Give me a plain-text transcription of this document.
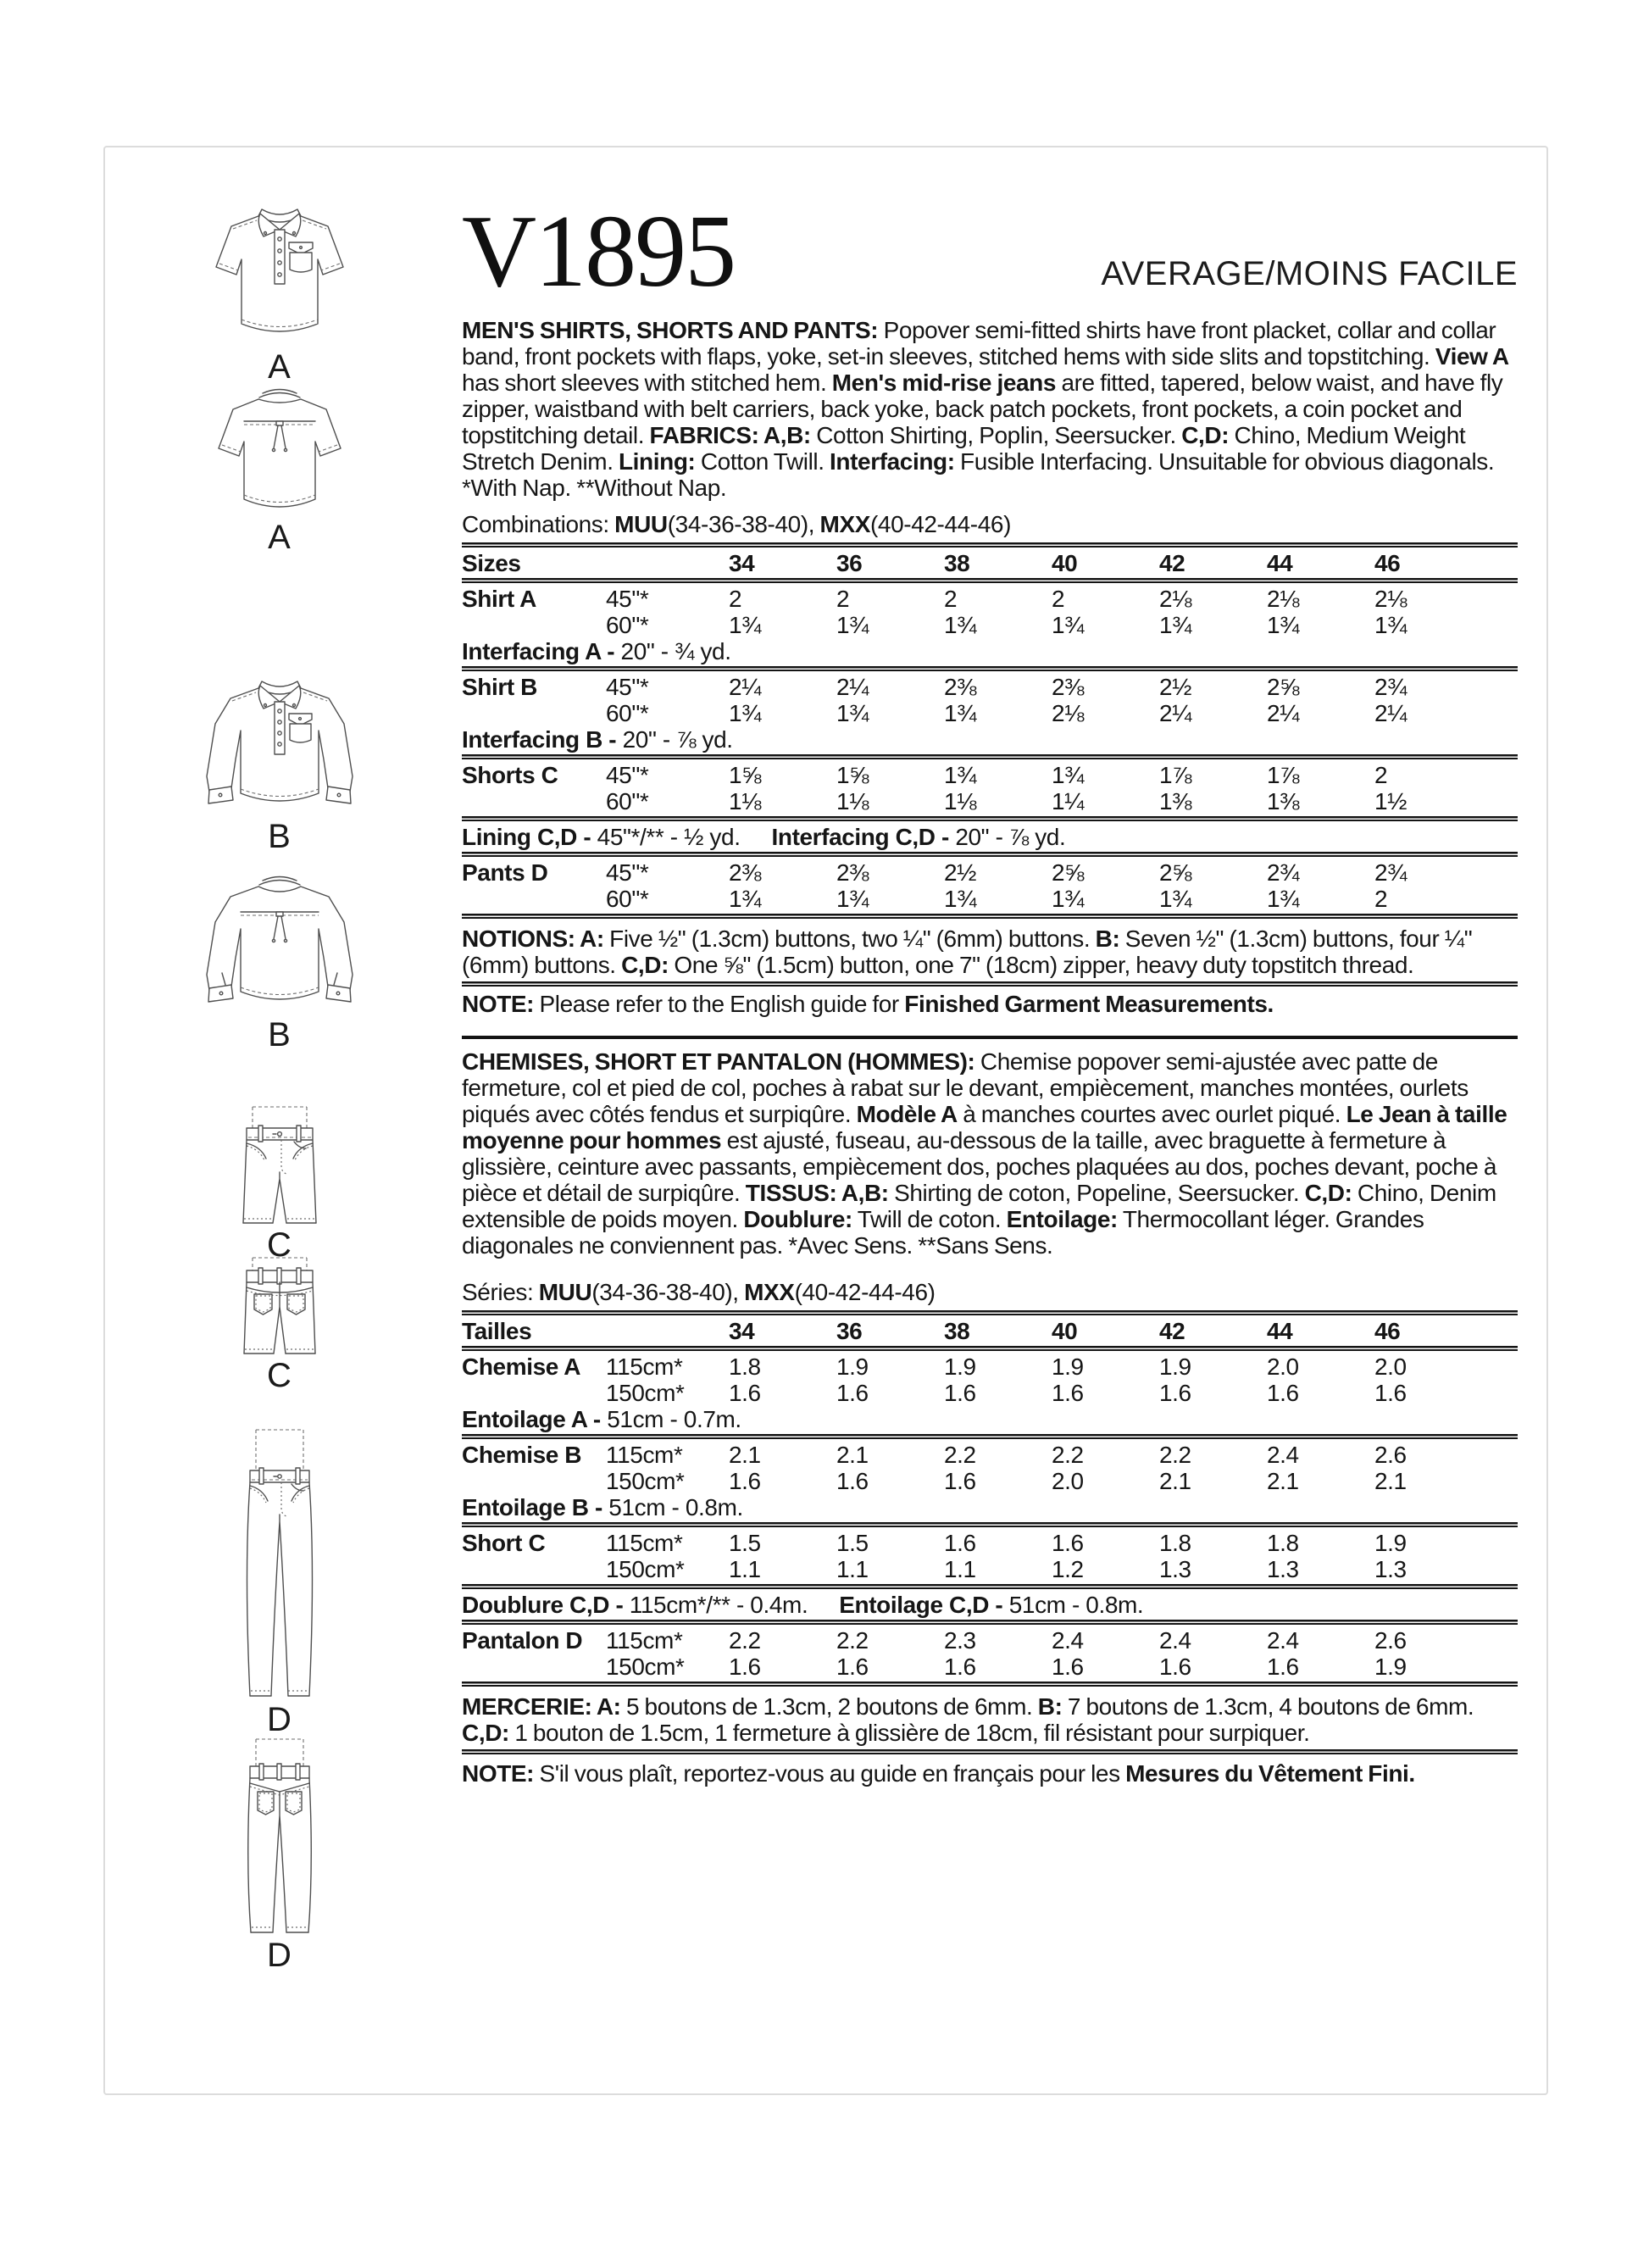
A
A
B
B
C
C
D
D
V1895	AVERAGE/MOINS FACILE
MEN'S SHIRTS, SHORTS AND PANTS: Popover semi-fitted shirts have front placket, collar and collar band, front pockets with flaps, yoke, set-in sleeves, stitched hems with side slits and topstitching. View A has short sleeves with stitched hem. Men's mid-rise jeans are fitted, tapered, below waist, and have fly zipper, waistband with belt carriers, back yoke, back patch pockets, front pockets, a coin pocket and topstitching detail. FABRICS: A,B: Cotton Shirting, Poplin, Seersucker. C,D: Chino, Medium Weight Stretch Denim. Lining: Cotton Twill. Interfacing: Fusible Interfacing. Unsuitable for obvious diagonals. *With Nap. **Without Nap.
Combinations: MUU(34-36-38-40), MXX(40-42-44-46)
Sizes	34	36	38	40	42	44	46
Shirt A	45"*	2	2	2	2	2⅛	2⅛	2⅛
60"*	1¾	1¾	1¾	1¾	1¾	1¾	1¾
Interfacing A - 20" - ¾ yd.
Shirt B	45"*	2¼	2¼	2⅜	2⅜	2½	2⅝	2¾
60"*	1¾	1¾	1¾	2⅛	2¼	2¼	2¼
Interfacing B - 20" - ⅞ yd.
Shorts C	45"*	1⅝	1⅝	1¾	1¾	1⅞	1⅞	2
60"*	1⅛	1⅛	1⅛	1¼	1⅜	1⅜	1½
Lining C,D - 45"*/** - ½ yd. Interfacing C,D - 20" - ⅞ yd.
Pants D	45"*	2⅜	2⅜	2½	2⅝	2⅝	2¾	2¾
60"*	1¾	1¾	1¾	1¾	1¾	1¾	2
NOTIONS: A: Five ½" (1.3cm) buttons, two ¼" (6mm) buttons. B: Seven ½" (1.3cm) buttons, four ¼" (6mm) buttons. C,D: One ⅝" (1.5cm) button, one 7" (18cm) zipper, heavy duty topstitch thread.
NOTE: Please refer to the English guide for Finished Garment Measurements.
CHEMISES, SHORT ET PANTALON (HOMMES): Chemise popover semi-ajustée avec patte de fermeture, col et pied de col, poches à rabat sur le devant, empiècement, manches montées, ourlets piqués avec côtés fendus et surpiqûre. Modèle A à manches courtes avec ourlet piqué. Le Jean à taille moyenne pour hommes est ajusté, fuseau, au-dessous de la taille, avec braguette à fermeture à glissière, ceinture avec passants, empiècement dos, poches plaquées au dos, poches devant, poche à pièce et détail de surpiqûre. TISSUS: A,B: Shirting de coton, Popeline, Seersucker. C,D: Chino, Denim extensible de poids moyen. Doublure: Twill de coton. Entoilage: Thermocollant léger. Grandes diagonales ne conviennent pas. *Avec Sens. **Sans Sens.
Séries: MUU(34-36-38-40), MXX(40-42-44-46)
Tailles	34	36	38	40	42	44	46
Chemise A	115cm*	1.8	1.9	1.9	1.9	1.9	2.0	2.0
150cm*	1.6	1.6	1.6	1.6	1.6	1.6	1.6
Entoilage A - 51cm - 0.7m.
Chemise B	115cm*	2.1	2.1	2.2	2.2	2.2	2.4	2.6
150cm*	1.6	1.6	1.6	2.0	2.1	2.1	2.1
Entoilage B - 51cm - 0.8m.
Short C	115cm*	1.5	1.5	1.6	1.6	1.8	1.8	1.9
150cm*	1.1	1.1	1.1	1.2	1.3	1.3	1.3
Doublure C,D - 115cm*/** - 0.4m. Entoilage C,D - 51cm - 0.8m.
Pantalon D 115cm*	2.2	2.2	2.3	2.4	2.4	2.4	2.6
150cm*	1.6	1.6	1.6	1.6	1.6	1.6	1.9
MERCERIE: A: 5 boutons de 1.3cm, 2 boutons de 6mm. B: 7 boutons de 1.3cm, 4 boutons de 6mm. C,D: 1 bouton de 1.5cm, 1 fermeture à glissière de 18cm, fil résistant pour surpiquer.
NOTE: S'il vous plaît, reportez-vous au guide en français pour les Mesures du Vêtement Fini.
